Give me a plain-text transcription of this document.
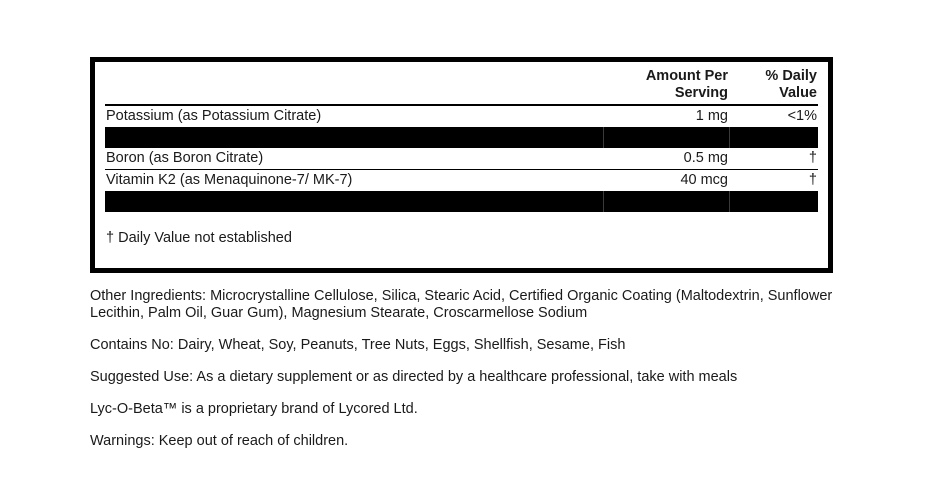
	Amount Per Serving	% Daily Value
Potassium (as Potassium Citrate)	1 mg	<1%

Boron (as Boron Citrate)	0.5 mg	†
Vitamin K2 (as Menaquinone-7/ MK-7)	40 mcg	†

† Daily Value not established

Other Ingredients: Microcrystalline Cellulose, Silica, Stearic Acid, Certified Organic Coating (Maltodextrin, Sunflower Lecithin, Palm Oil, Guar Gum), Magnesium Stearate, Croscarmellose Sodium

Contains No: Dairy, Wheat, Soy, Peanuts, Tree Nuts, Eggs, Shellfish, Sesame, Fish

Suggested Use: As a dietary supplement or as directed by a healthcare professional, take with meals

Lyc-O-Beta™ is a proprietary brand of Lycored Ltd.

Warnings: Keep out of reach of children.
